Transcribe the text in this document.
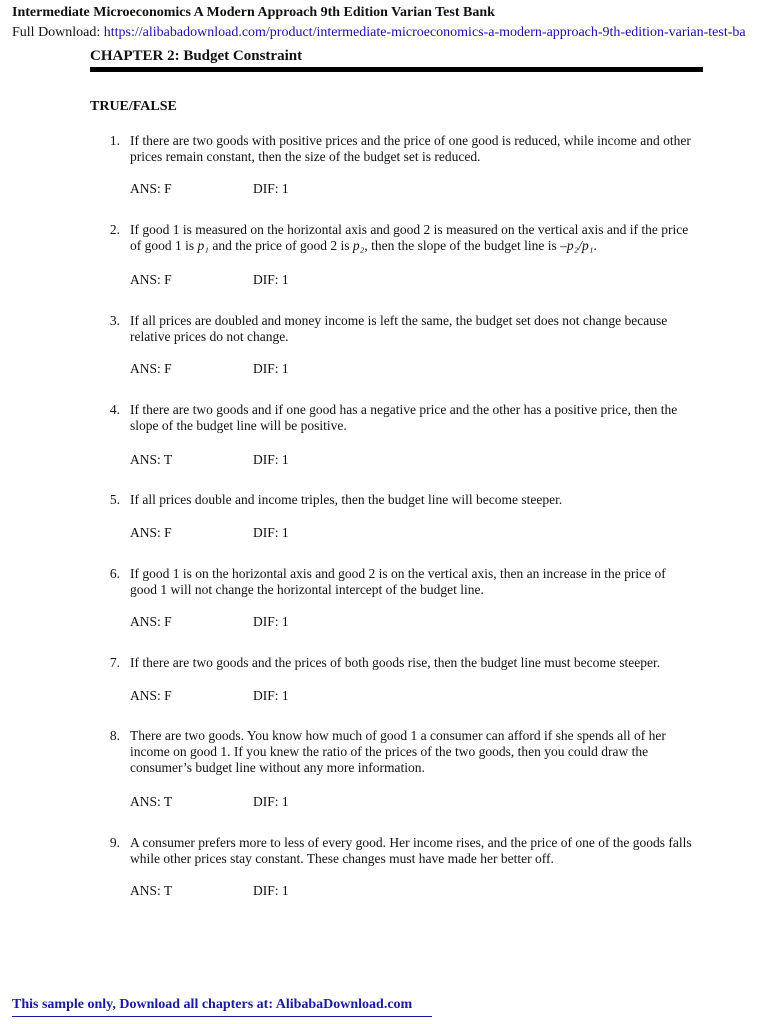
Intermediate Microeconomics A Modern Approach 9th Edition Varian Test Bank
Full Download: https://alibabadownload.com/product/intermediate-microeconomics-a-modern-approach-9th-edition-varian-test-ba
CHAPTER 2: Budget Constraint
TRUE/FALSE
1. If there are two goods with positive prices and the price of one good is reduced, while income and other prices remain constant, then the size of the budget set is reduced.
ANS: F	DIF: 1
2. If good 1 is measured on the horizontal axis and good 2 is measured on the vertical axis and if the price of good 1 is p₁ and the price of good 2 is p₂, then the slope of the budget line is –p₂/p₁.
ANS: F	DIF: 1
3. If all prices are doubled and money income is left the same, the budget set does not change because relative prices do not change.
ANS: F	DIF: 1
4. If there are two goods and if one good has a negative price and the other has a positive price, then the slope of the budget line will be positive.
ANS: T	DIF: 1
5. If all prices double and income triples, then the budget line will become steeper.
ANS: F	DIF: 1
6. If good 1 is on the horizontal axis and good 2 is on the vertical axis, then an increase in the price of good 1 will not change the horizontal intercept of the budget line.
ANS: F	DIF: 1
7. If there are two goods and the prices of both goods rise, then the budget line must become steeper.
ANS: F	DIF: 1
8. There are two goods. You know how much of good 1 a consumer can afford if she spends all of her income on good 1. If you knew the ratio of the prices of the two goods, then you could draw the consumer’s budget line without any more information.
ANS: T	DIF: 1
9. A consumer prefers more to less of every good. Her income rises, and the price of one of the goods falls while other prices stay constant. These changes must have made her better off.
ANS: T	DIF: 1
This sample only, Download all chapters at: AlibabaDownload.com
